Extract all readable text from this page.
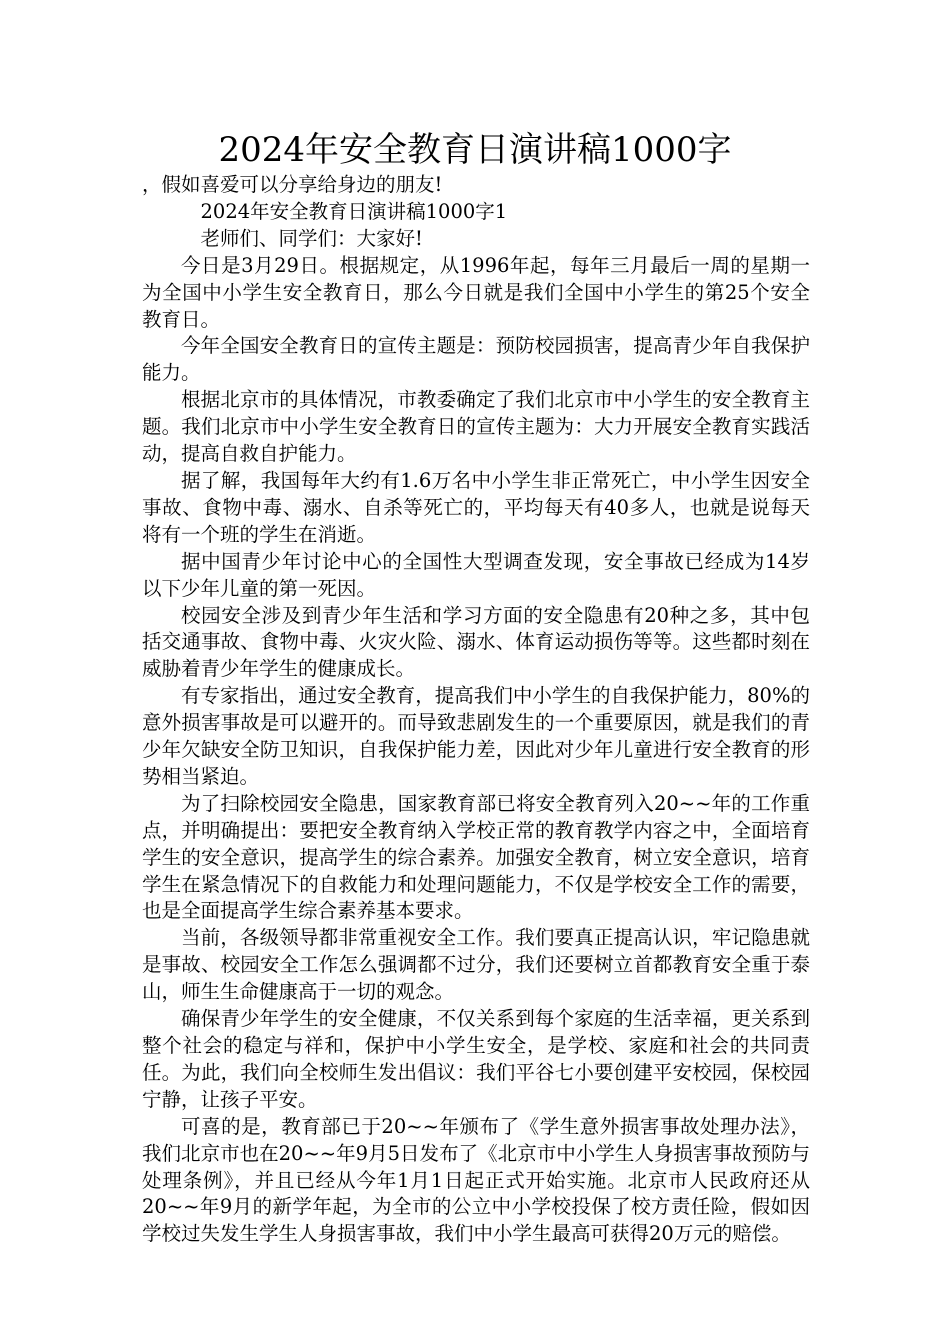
2024年安全教育日演讲稿1000字

，假如喜爱可以分享给身边的朋友!

2024年安全教育日演讲稿1000字1

老师们、同学们：大家好!

今日是3月29日。根据规定，从1996年起，每年三月最后一周的星期一为全国中小学生安全教育日，那么今日就是我们全国中小学生的第25个安全教育日。

今年全国安全教育日的宣传主题是：预防校园损害，提高青少年自我保护能力。

根据北京市的具体情况，市教委确定了我们北京市中小学生的安全教育主题。我们北京市中小学生安全教育日的宣传主题为：大力开展安全教育实践活动，提高自救自护能力。

据了解，我国每年大约有1.6万名中小学生非正常死亡，中小学生因安全事故、食物中毒、溺水、自杀等死亡的，平均每天有40多人，也就是说每天将有一个班的学生在消逝。

据中国青少年讨论中心的全国性大型调查发现，安全事故已经成为14岁以下少年儿童的第一死因。

校园安全涉及到青少年生活和学习方面的安全隐患有20种之多，其中包括交通事故、食物中毒、火灾火险、溺水、体育运动损伤等等。这些都时刻在威胁着青少年学生的健康成长。

有专家指出，通过安全教育，提高我们中小学生的自我保护能力，80%的意外损害事故是可以避开的。而导致悲剧发生的一个重要原因，就是我们的青少年欠缺安全防卫知识，自我保护能力差，因此对少年儿童进行安全教育的形势相当紧迫。

为了扫除校园安全隐患，国家教育部已将安全教育列入20~~年的工作重点，并明确提出：要把安全教育纳入学校正常的教育教学内容之中，全面培育学生的安全意识，提高学生的综合素养。加强安全教育，树立安全意识，培育学生在紧急情况下的自救能力和处理问题能力，不仅是学校安全工作的需要，也是全面提高学生综合素养基本要求。

当前，各级领导都非常重视安全工作。我们要真正提高认识，牢记隐患就是事故、校园安全工作怎么强调都不过分，我们还要树立首都教育安全重于泰山，师生生命健康高于一切的观念。

确保青少年学生的安全健康，不仅关系到每个家庭的生活幸福，更关系到整个社会的稳定与祥和，保护中小学生安全，是学校、家庭和社会的共同责任。为此，我们向全校师生发出倡议：我们平谷七小要创建平安校园，保校园宁静，让孩子平安。

可喜的是，教育部已于20~~年颁布了《学生意外损害事故处理办法》，我们北京市也在20~~年9月5日发布了《北京市中小学生人身损害事故预防与处理条例》，并且已经从今年1月1日起正式开始实施。北京市人民政府还从20~~年9月的新学年起，为全市的公立中小学校投保了校方责任险，假如因学校过失发生学生人身损害事故，我们中小学生最高可获得20万元的赔偿。
